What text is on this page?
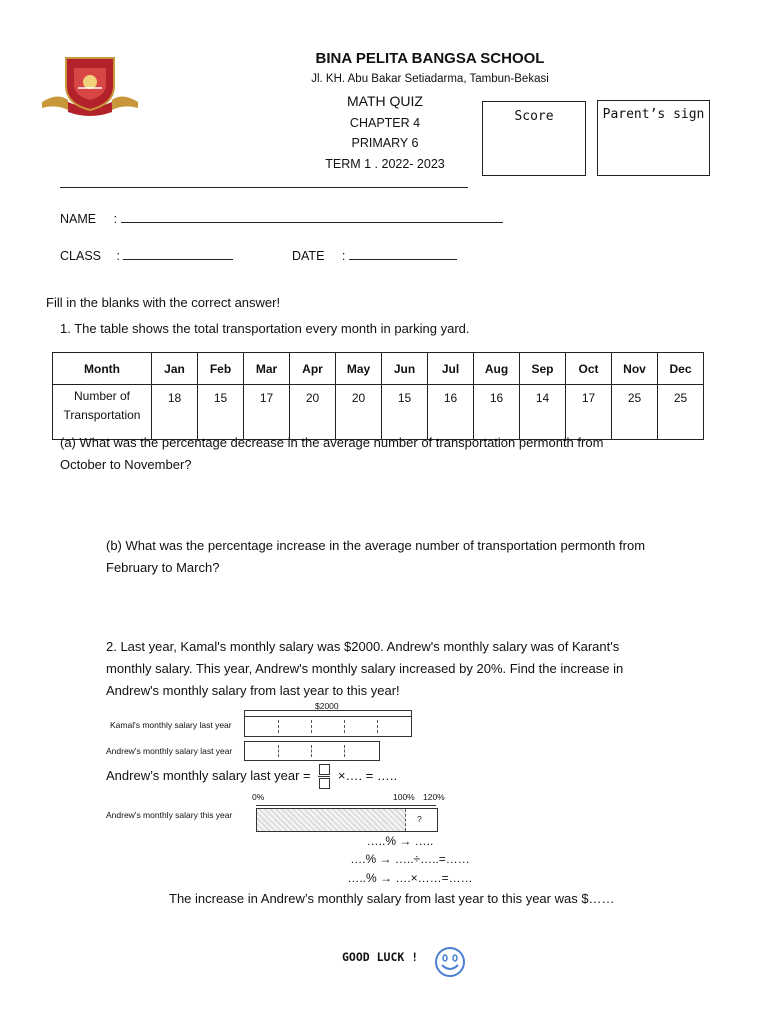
BINA PELITA BANGSA SCHOOL
Jl. KH. Abu Bakar Setiadarma, Tambun-Bekasi
MATH QUIZ
CHAPTER 4
PRIMARY 6
TERM 1 . 2022- 2023
Score	Parent’s sign
NAME :
CLASS :	DATE :
Fill in the blanks with the correct answer!
1. The table shows the total transportation every month in parking yard.
Month	Jan	Feb	Mar	Apr	May	Jun	Jul	Aug	Sep	Oct	Nov	Dec

Number of
Transportation	18	15	17	20	20	15	16	16	14	17	25	25
(a) What was the percentage decrease in the average number of transportation permonth from
October to November?
(b) What was the percentage increase in the average number of transportation permonth from
February to March?
2. Last year, Kamal's monthly salary was $2000. Andrew's monthly salary was of Karant's
monthly salary. This year, Andrew's monthly salary increased by 20%. Find the increase in
Andrew's monthly salary from last year to this year!
$2000
Kamal's monthly salary last year
Andrew's monthly salary last year
Andrew’s monthly salary last year = ×…. = …..
0%	100% 120%
Andrew's monthly salary this year	?
…..% → …..
….% → …..÷…..=……
…..% → ….×……=……
The increase in Andrew’s monthly salary from last year to this year was $……
GOOD LUCK !
